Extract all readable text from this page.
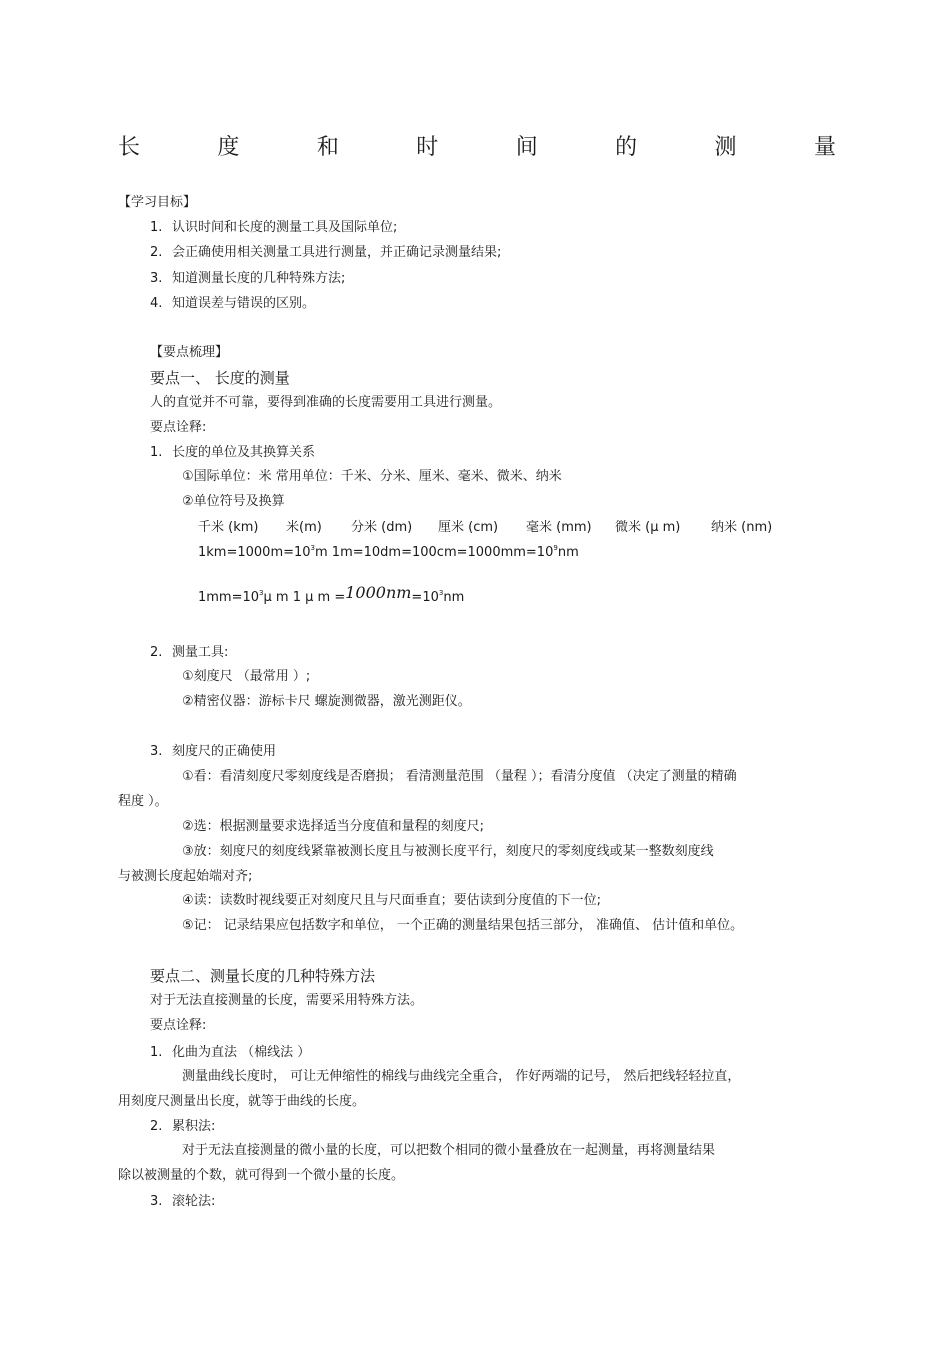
长	度	和	时	间	的	测	量
【学习目标】
1. 认识时间和长度的测量工具及国际单位;
2. 会正确使用相关测量工具进行测量，并正确记录测量结果;
3. 知道测量长度的几种特殊方法;
4. 知道误差与错误的区别。
【要点梳理】
要点一、 长度的测量
人的直觉并不可靠，要得到准确的长度需要用工具进行测量。
要点诠释:
1. 长度的单位及其换算关系
①国际单位：米 常用单位：千米、分米、厘米、毫米、微米、纳米
②单位符号及换算
千米 (km) 米(m) 分米 (dm) 厘米 (cm) 毫米 (mm) 微米 (μ m) 纳米 (nm)
$1km=1000m=10^3m$ $1m=10dm=100cm=1000mm=10^9nm$
$1mm=10^3\mu$ m 1 μ $m =1000nm=10^3nm$
2. 测量工具:
①刻度尺 （最常用 ）;
②精密仪器：游标卡尺 螺旋测微器，激光测距仪。
3. 刻度尺的正确使用
①看：看清刻度尺零刻度线是否磨损； 看清测量范围 （量程 ）；看清分度值 （决定了测量的精确
程度 ）。
②选：根据测量要求选择适当分度值和量程的刻度尺;
③放：刻度尺的刻度线紧靠被测长度且与被测长度平行，刻度尺的零刻度线或某一整数刻度线
与被测长度起始端对齐;
④读：读数时视线要正对刻度尺且与尺面垂直；要估读到分度值的下一位;
⑤记： 记录结果应包括数字和单位， 一个正确的测量结果包括三部分， 准确值、 估计值和单位。
要点二、测量长度的几种特殊方法
对于无法直接测量的长度，需要采用特殊方法。
要点诠释:
1. 化曲为直法 （棉线法 ）
测量曲线长度时， 可让无伸缩性的棉线与曲线完全重合， 作好两端的记号， 然后把线轻轻拉直，
用刻度尺测量出长度，就等于曲线的长度。
2. 累积法:
对于无法直接测量的微小量的长度，可以把数个相同的微小量叠放在一起测量，再将测量结果
除以被测量的个数，就可得到一个微小量的长度。
3. 滚轮法:
